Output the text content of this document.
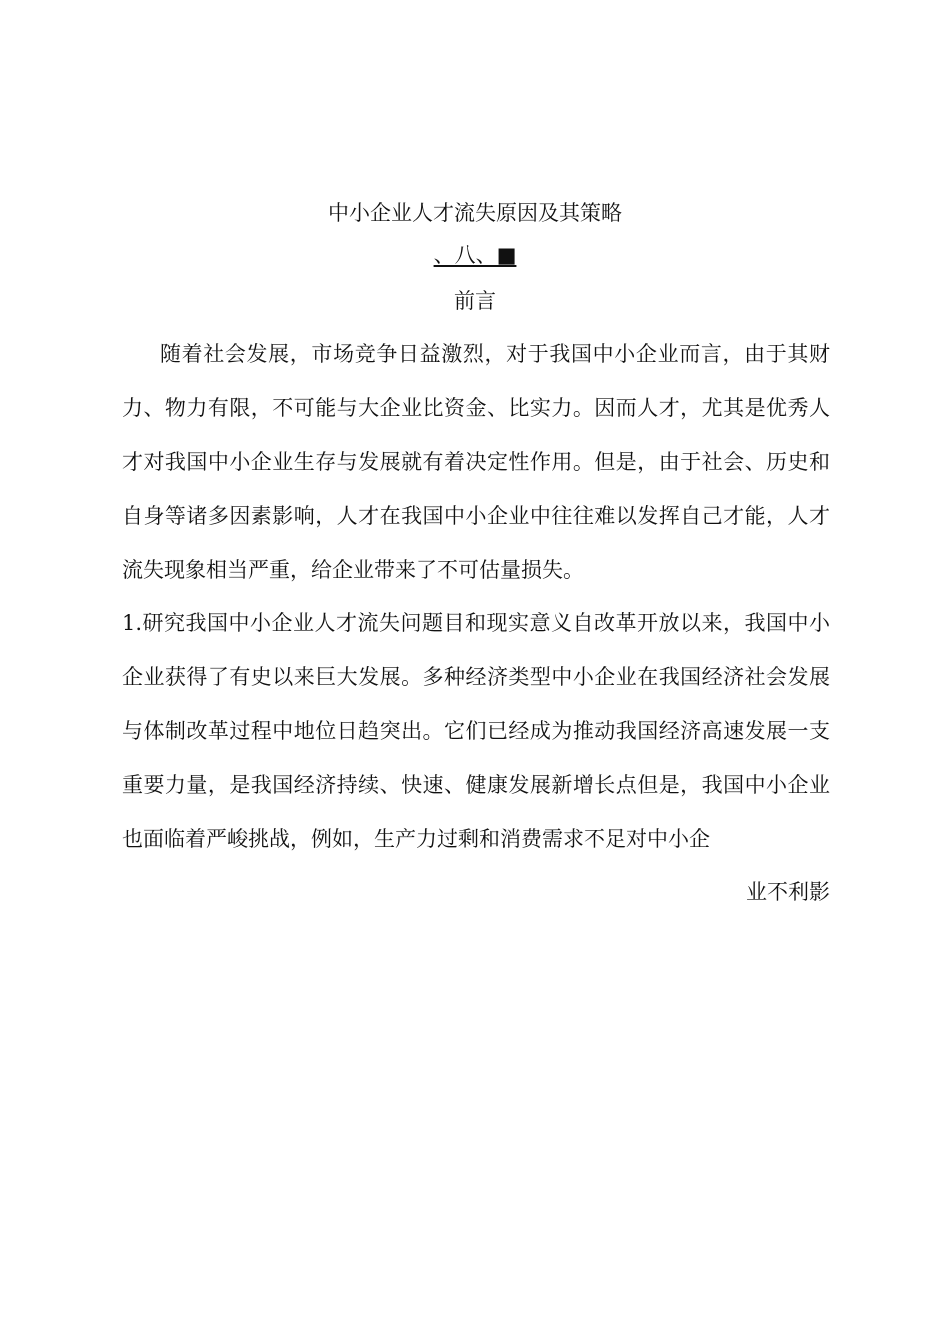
中小企业人才流失原因及其策略
、八、■
前言

随着社会发展，市场竞争日益激烈，对于我国中小企业而言，由于其财力、物力有限，不可能与大企业比资金、比实力。因而人才，尤其是优秀人才对我国中小企业生存与发展就有着决定性作用。但是，由于社会、历史和自身等诸多因素影响，人才在我国中小企业中往往难以发挥自己才能，人才流失现象相当严重，给企业带来了不可估量损失。

1.研究我国中小企业人才流失问题目和现实意义自改革开放以来，我国中小企业获得了有史以来巨大发展。多种经济类型中小企业在我国经济社会发展与体制改革过程中地位日趋突出。它们已经成为推动我国经济高速发展一支重要力量，是我国经济持续、快速、健康发展新增长点但是，我国中小企业也面临着严峻挑战，例如，生产力过剩和消费需求不足对中小企

业不利影
